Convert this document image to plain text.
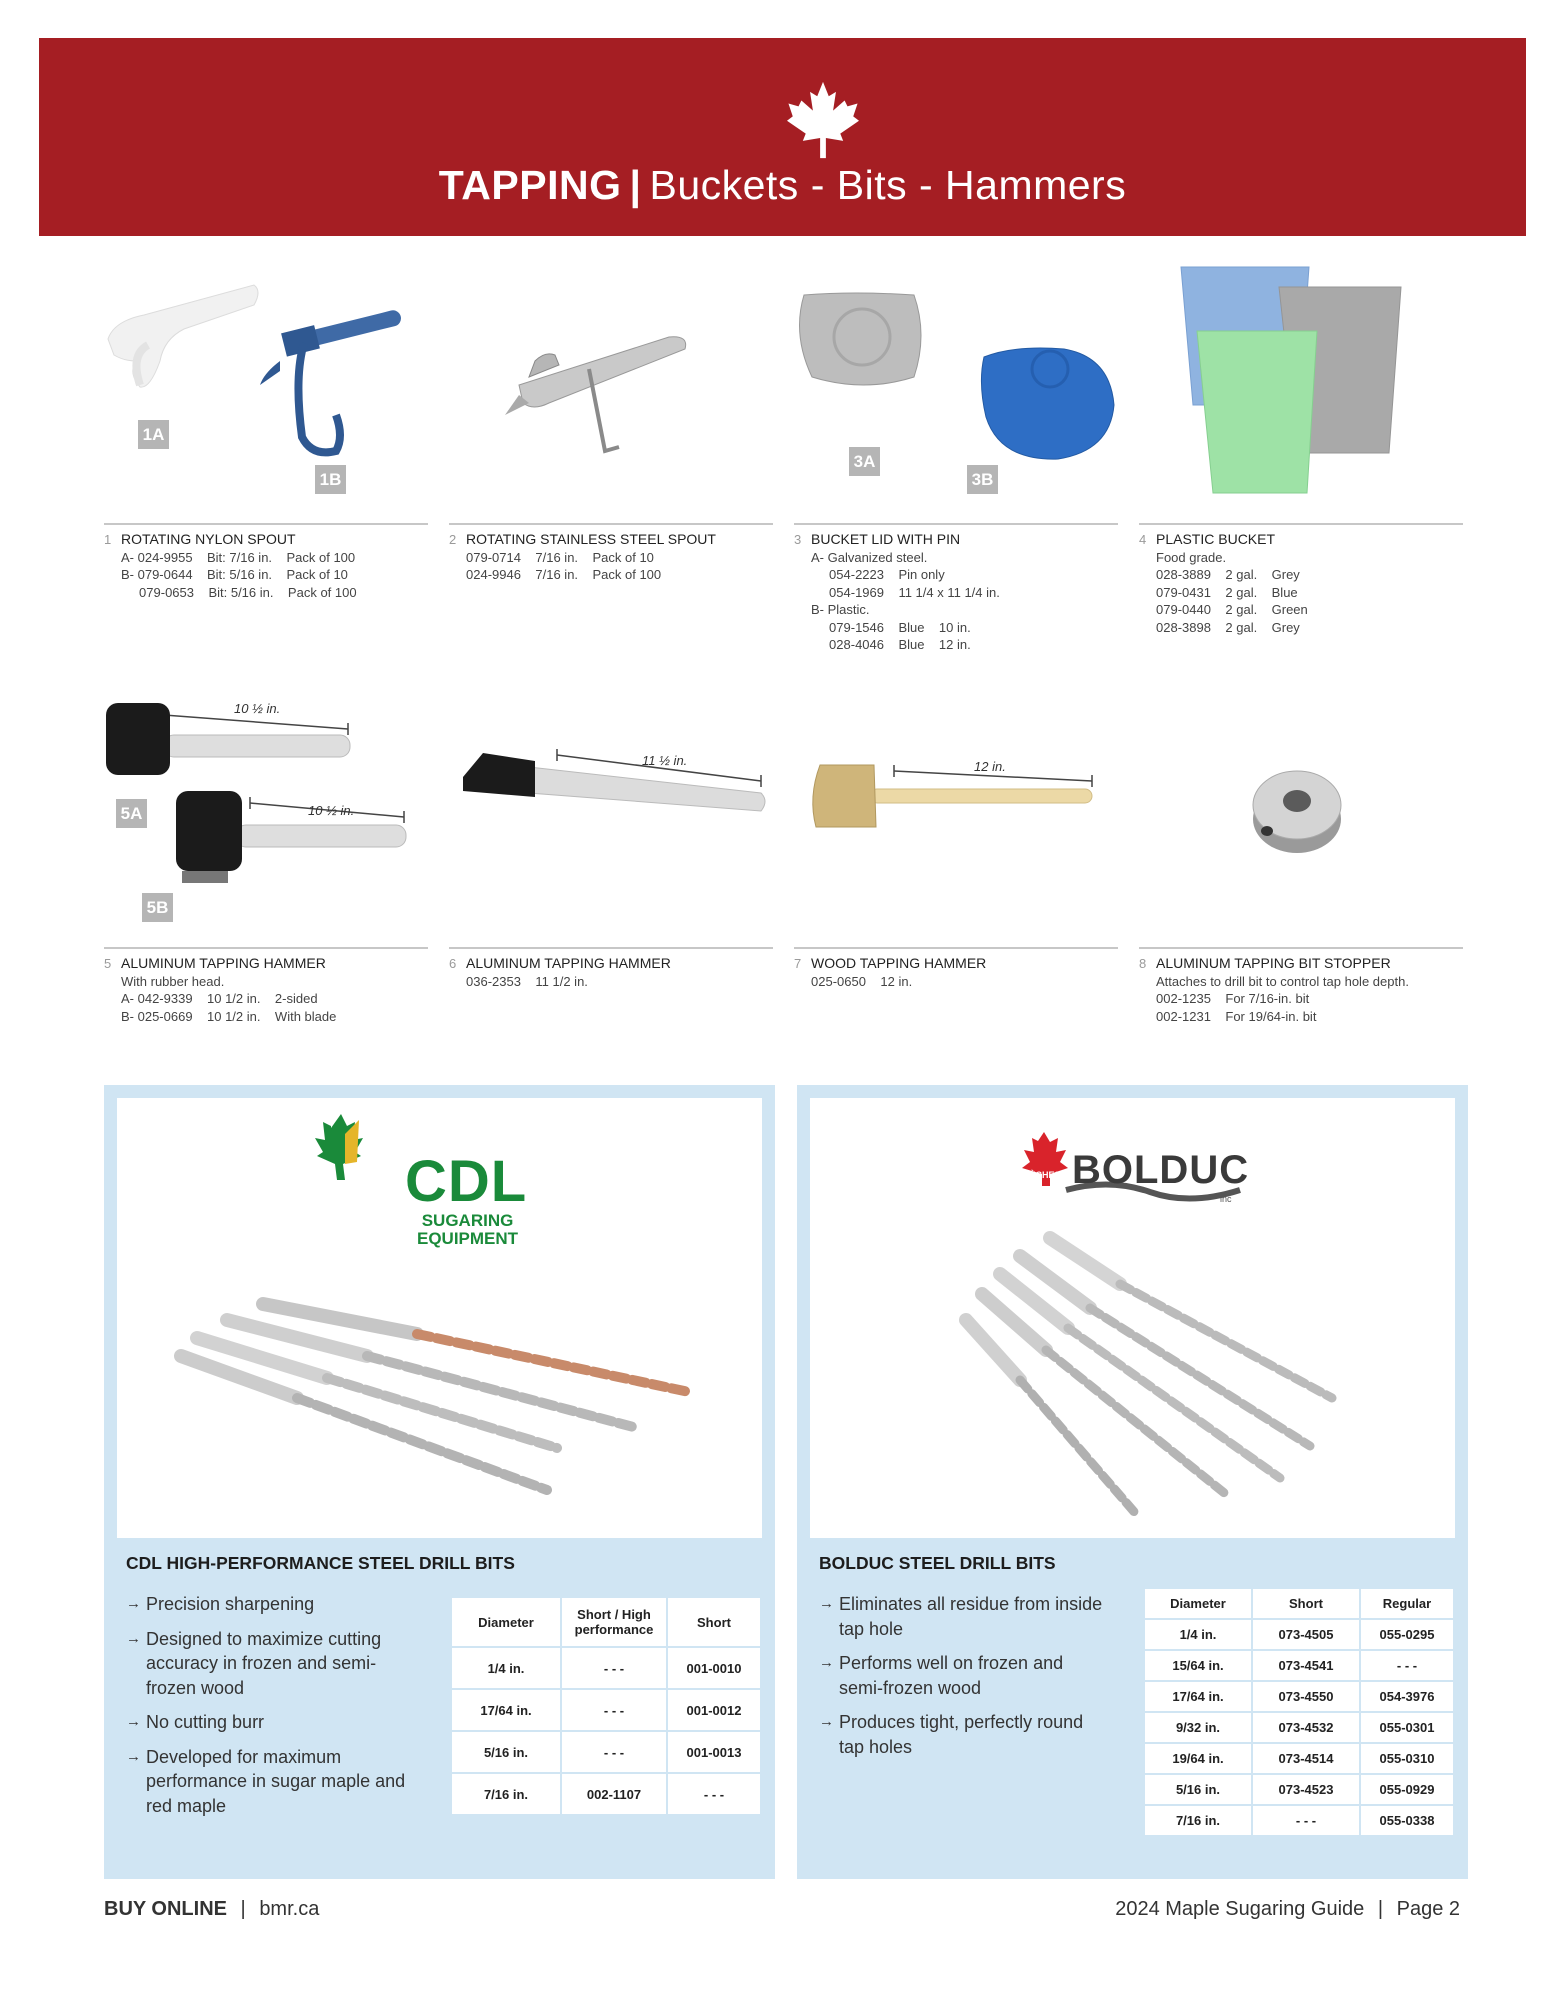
TAPPING | Buckets - Bits - Hammers
1A
1B
1 ROTATING NYLON SPOUT
A- 024-9955    Bit: 7/16 in.    Pack of 100
B- 079-0644    Bit: 5/16 in.    Pack of 10
079-0653    Bit: 5/16 in.    Pack of 100
2 ROTATING STAINLESS STEEL SPOUT
079-0714    7/16 in.    Pack of 10
024-9946    7/16 in.    Pack of 100
3A
3B
3 BUCKET LID WITH PIN
A- Galvanized steel.
054-2223    Pin only
054-1969    11 1/4 x 11 1/4 in.
B- Plastic.
079-1546    Blue    10 in.
028-4046    Blue    12 in.
4 PLASTIC BUCKET
Food grade.
028-3889    2 gal.    Grey
079-0431    2 gal.    Blue
079-0440    2 gal.    Green
028-3898    2 gal.    Grey
5A
5B
10 ½ in.
10 ½ in.
5 ALUMINUM TAPPING HAMMER
With rubber head.
A- 042-9339    10 1/2 in.    2-sided
B- 025-0669    10 1/2 in.    With blade
11 ½ in.
6 ALUMINUM TAPPING HAMMER
036-2353    11 1/2 in.
12 in.
7 WOOD TAPPING HAMMER
025-0650    12 in.
8 ALUMINUM TAPPING BIT STOPPER
Attaches to drill bit to control tap hole depth.
002-1235    For 7/16-in. bit
002-1231    For 19/64-in. bit
CDL
SUGARING
EQUIPMENT
CDL HIGH-PERFORMANCE STEEL DRILL BITS
→ Precision sharpening
→ Designed to maximize cutting accuracy in frozen and semi-frozen wood
→ No cutting burr
→ Developed for maximum performance in sugar maple and red maple
Diameter	Short / High performance	Short
1/4 in.	- - -	001-0010
17/64 in.	- - -	001-0012
5/16 in.	- - -	001-0013
7/16 in.	002-1107	- - -
BOLDUC
MÈCHES
inc
BOLDUC STEEL DRILL BITS
→ Eliminates all residue from inside tap hole
→ Performs well on frozen and semi-frozen wood
→ Produces tight, perfectly round tap holes
Diameter	Short	Regular
1/4 in.	073-4505	055-0295
15/64 in.	073-4541	- - -
17/64 in.	073-4550	054-3976
9/32 in.	073-4532	055-0301
19/64 in.	073-4514	055-0310
5/16 in.	073-4523	055-0929
7/16 in.	- - -	055-0338
BUY ONLINE | bmr.ca	2024 Maple Sugaring Guide | Page 2
